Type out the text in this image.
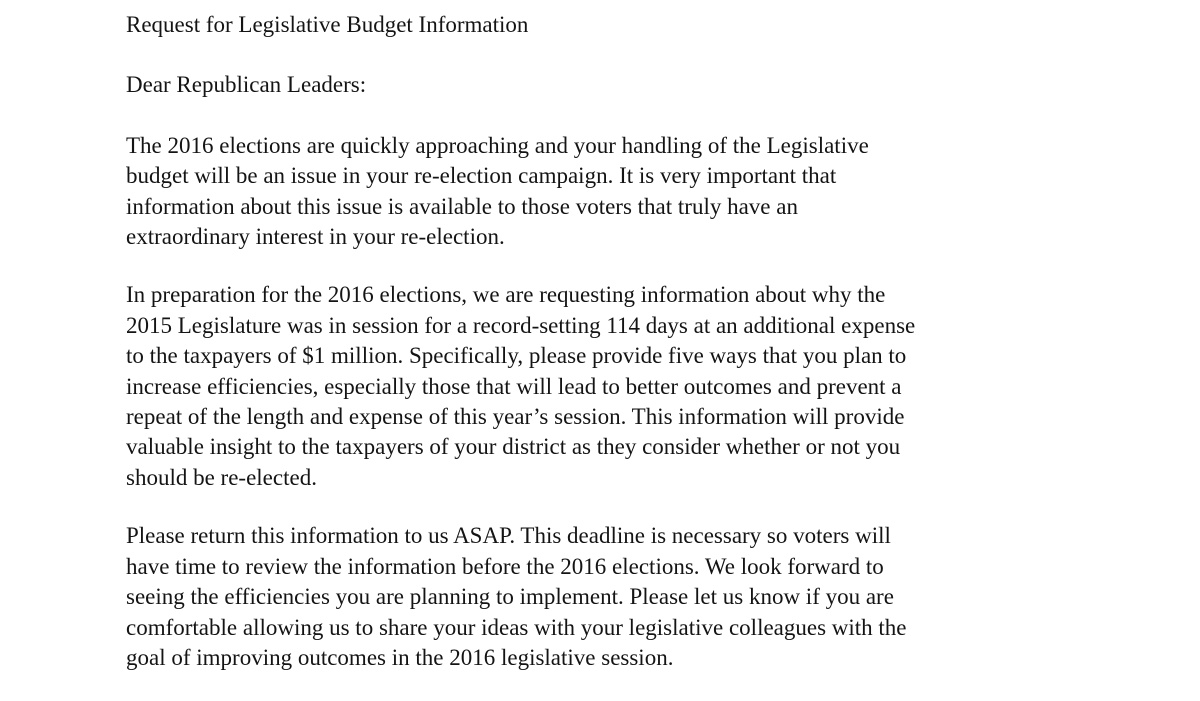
Request for Legislative Budget Information

Dear Republican Leaders:

The 2016 elections are quickly approaching and your handling of the Legislative
budget will be an issue in your re-election campaign. It is very important that
information about this issue is available to those voters that truly have an
extraordinary interest in your re-election.

In preparation for the 2016 elections, we are requesting information about why the
2015 Legislature was in session for a record-setting 114 days at an additional expense
to the taxpayers of $1 million. Specifically, please provide five ways that you plan to
increase efficiencies, especially those that will lead to better outcomes and prevent a
repeat of the length and expense of this year’s session. This information will provide
valuable insight to the taxpayers of your district as they consider whether or not you
should be re-elected.

Please return this information to us ASAP. This deadline is necessary so voters will
have time to review the information before the 2016 elections. We look forward to
seeing the efficiencies you are planning to implement. Please let us know if you are
comfortable allowing us to share your ideas with your legislative colleagues with the
goal of improving outcomes in the 2016 legislative session.
